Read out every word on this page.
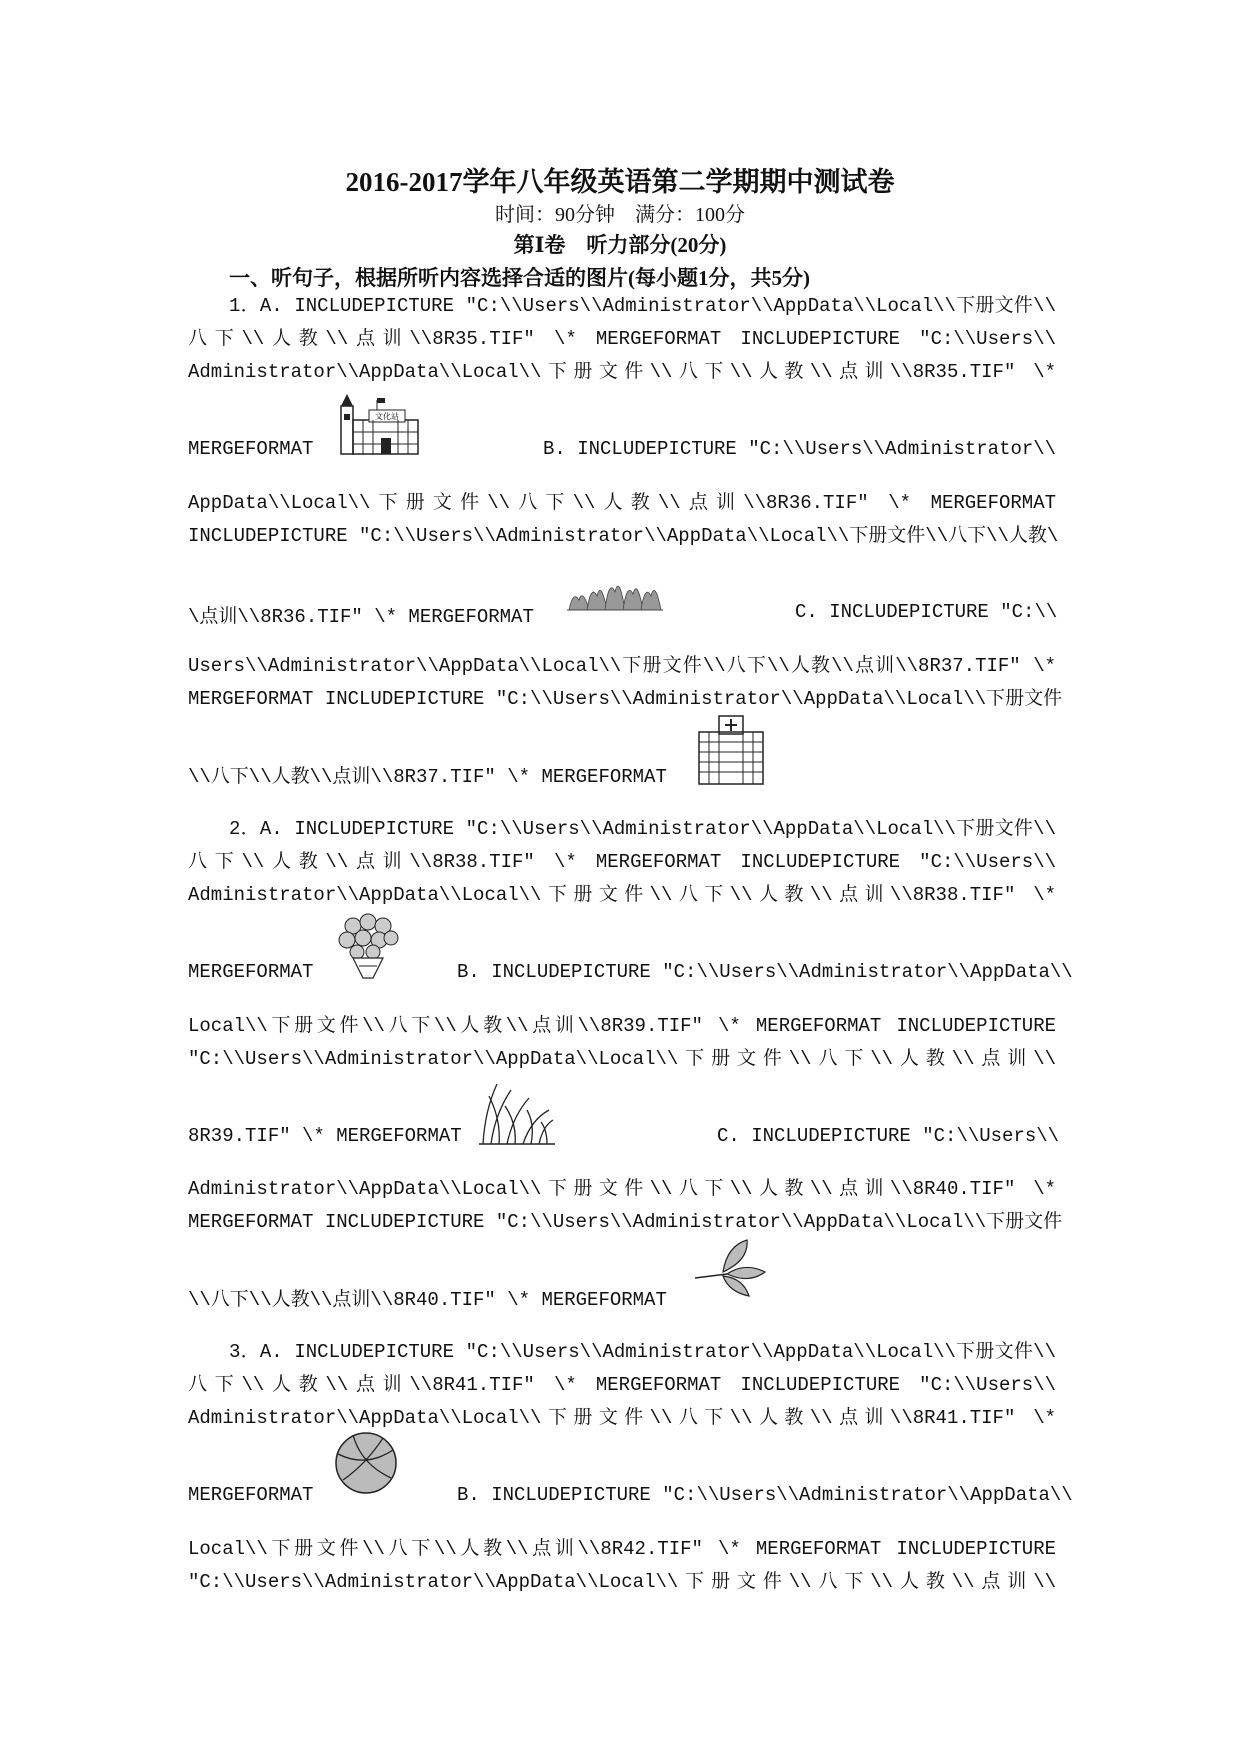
2016-2017学年八年级英语第二学期期中测试卷
时间：90分钟　满分：100分
第Ⅰ卷　听力部分(20分)
一、听句子，根据所听内容选择合适的图片(每小题1分，共5分)
1．A. INCLUDEPICTURE "C:\\Users\\Administrator\\AppData\\Local\\下册文件\\
八下\\人教\\点训\\8R35.TIF" \* MERGEFORMAT INCLUDEPICTURE "C:\\Users\\
Administrator\\AppData\\Local\\下册文件\\八下\\人教\\点训\\8R35.TIF" \*
MERGEFORMAT
文化站
B. INCLUDEPICTURE "C:\\Users\\Administrator\\
AppData\\Local\\下册文件\\八下\\人教\\点训\\8R36.TIF" \* MERGEFORMAT
INCLUDEPICTURE "C:\\Users\\Administrator\\AppData\\Local\\下册文件\\八下\\人教\
\点训\\8R36.TIF" \* MERGEFORMAT	C. INCLUDEPICTURE "C:\\
Users\\Administrator\\AppData\\Local\\下册文件\\八下\\人教\\点训\\8R37.TIF" \*
MERGEFORMAT INCLUDEPICTURE "C:\\Users\\Administrator\\AppData\\Local\\下册文件
\\八下\\人教\\点训\\8R37.TIF" \* MERGEFORMAT
2．A. INCLUDEPICTURE "C:\\Users\\Administrator\\AppData\\Local\\下册文件\\
八下\\人教\\点训\\8R38.TIF" \* MERGEFORMAT INCLUDEPICTURE "C:\\Users\\
Administrator\\AppData\\Local\\下册文件\\八下\\人教\\点训\\8R38.TIF" \*
MERGEFORMAT	B. INCLUDEPICTURE "C:\\Users\\Administrator\\AppData\\
Local\\下册文件\\八下\\人教\\点训\\8R39.TIF" \* MERGEFORMAT INCLUDEPICTURE
"C:\\Users\\Administrator\\AppData\\Local\\下册文件\\八下\\人教\\点训\\
8R39.TIF" \* MERGEFORMAT	C. INCLUDEPICTURE "C:\\Users\\
Administrator\\AppData\\Local\\下册文件\\八下\\人教\\点训\\8R40.TIF" \*
MERGEFORMAT INCLUDEPICTURE "C:\\Users\\Administrator\\AppData\\Local\\下册文件
\\八下\\人教\\点训\\8R40.TIF" \* MERGEFORMAT
3．A. INCLUDEPICTURE "C:\\Users\\Administrator\\AppData\\Local\\下册文件\\
八下\\人教\\点训\\8R41.TIF" \* MERGEFORMAT INCLUDEPICTURE "C:\\Users\\
Administrator\\AppData\\Local\\下册文件\\八下\\人教\\点训\\8R41.TIF" \*
MERGEFORMAT	B. INCLUDEPICTURE "C:\\Users\\Administrator\\AppData\\
Local\\下册文件\\八下\\人教\\点训\\8R42.TIF" \* MERGEFORMAT INCLUDEPICTURE
"C:\\Users\\Administrator\\AppData\\Local\\下册文件\\八下\\人教\\点训\\
